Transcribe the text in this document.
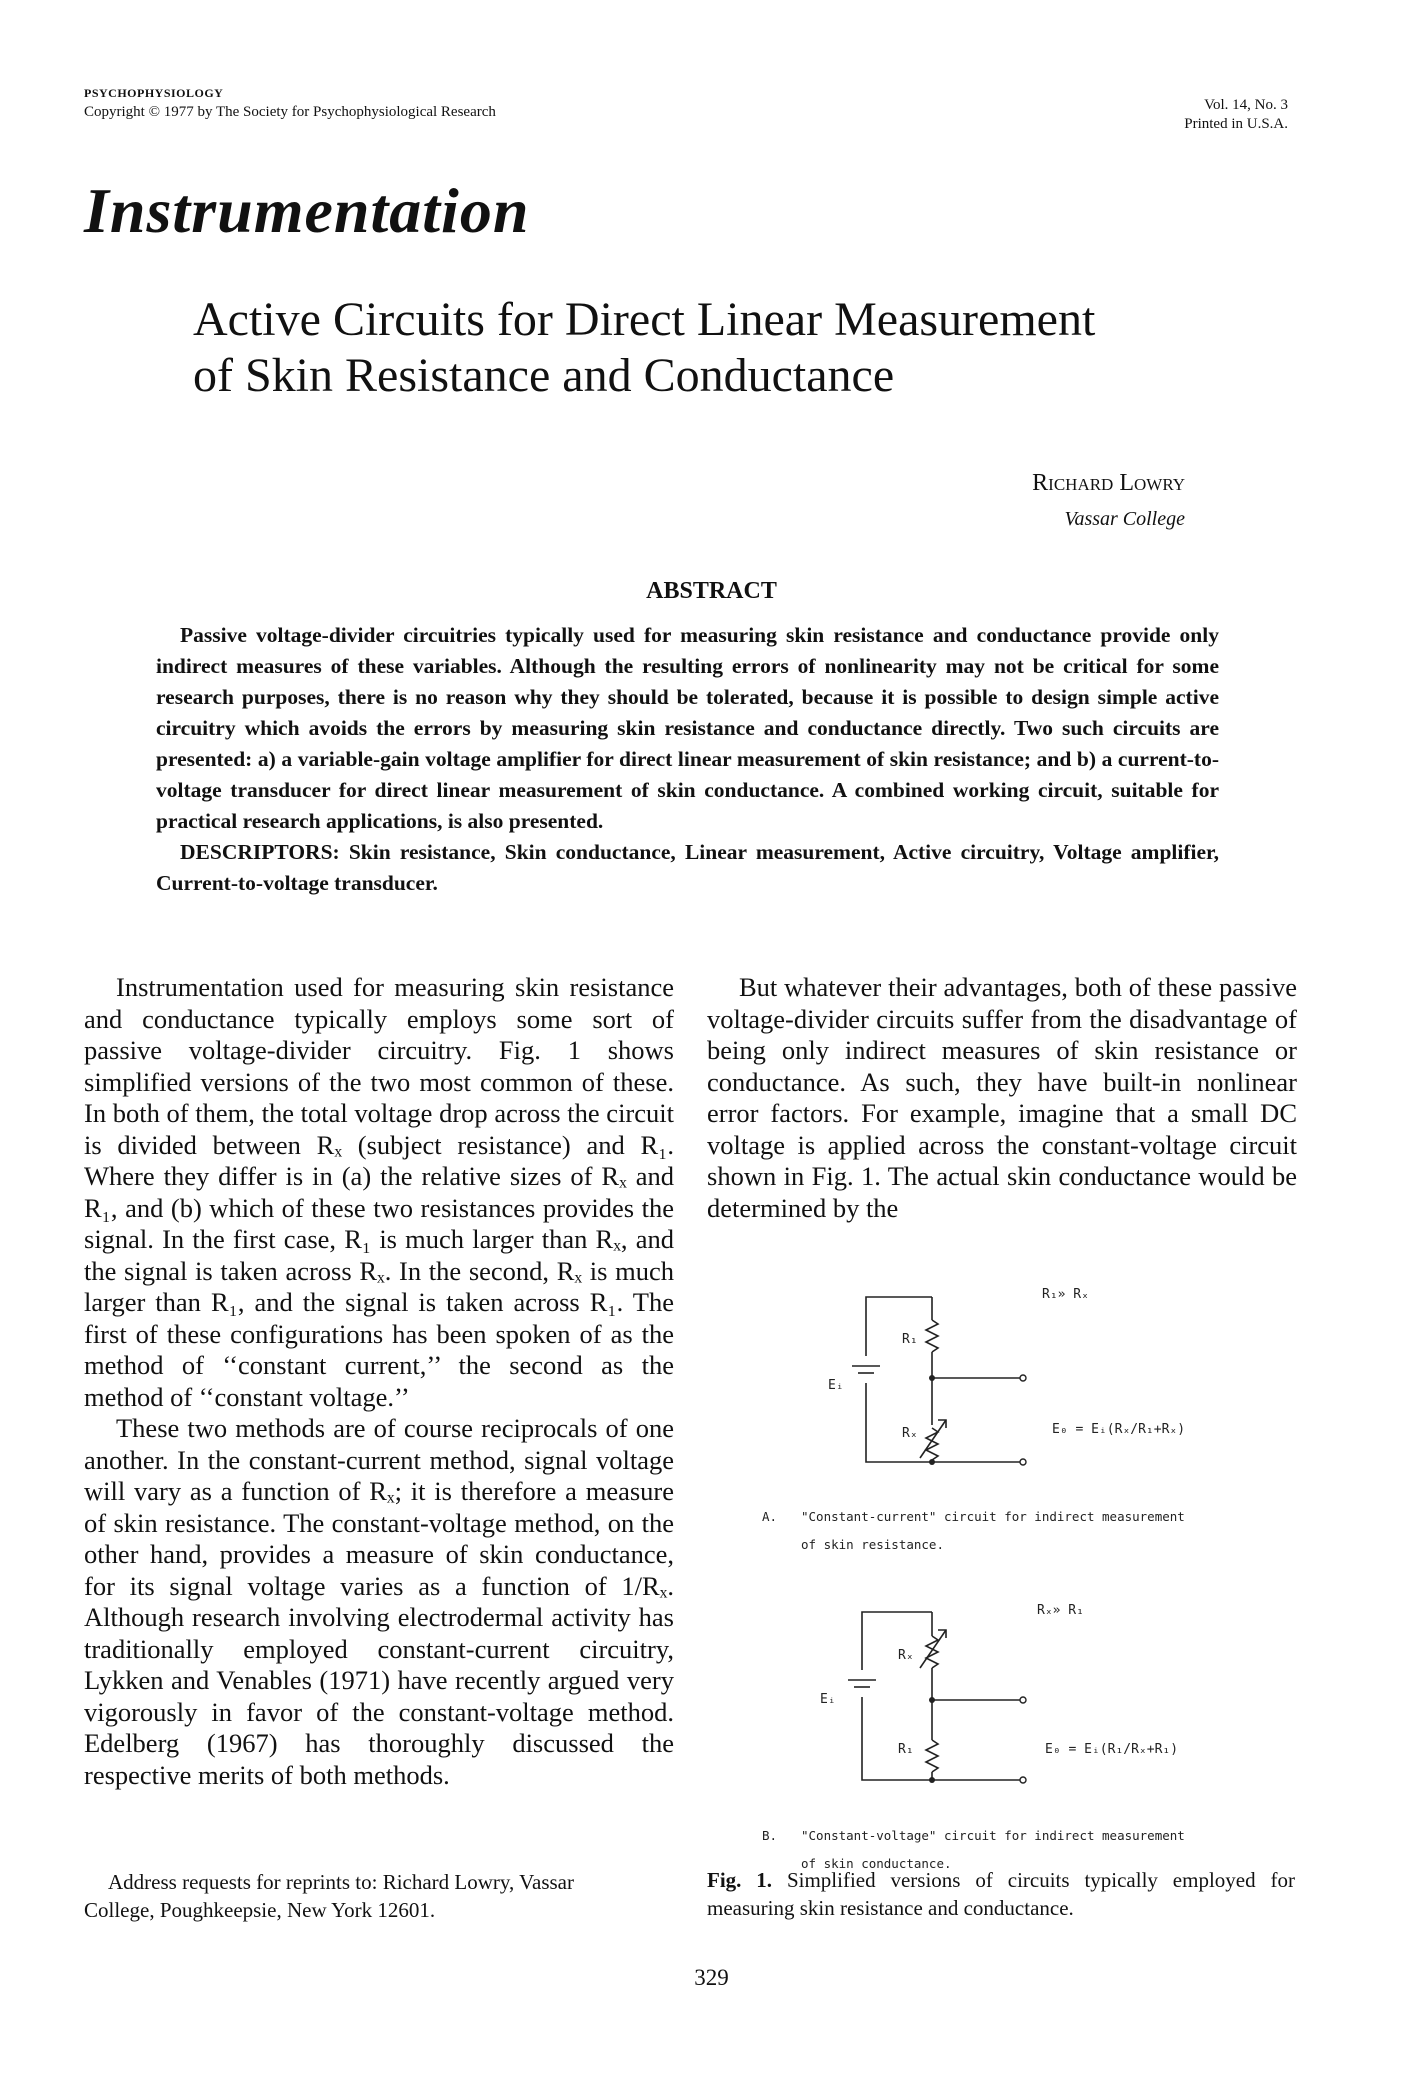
PSYCHOPHYSIOLOGY
Copyright © 1977 by The Society for Psychophysiological Research	Vol. 14, No. 3
Printed in U.S.A.
Instrumentation
Active Circuits for Direct Linear Measurement
of Skin Resistance and Conductance
Richard Lowry
Vassar College
ABSTRACT

Passive voltage-divider circuitries typically used for measuring skin resistance and conductance provide only indirect measures of these variables. Although the resulting errors of nonlinearity may not be critical for some research purposes, there is no reason why they should be tolerated, because it is possible to design simple active circuitry which avoids the errors by measuring skin resistance and conductance directly. Two such circuits are presented: a) a variable-gain voltage amplifier for direct linear measurement of skin resistance; and b) a current-to-voltage transducer for direct linear measurement of skin conductance. A combined working circuit, suitable for practical research applications, is also presented.

DESCRIPTORS: Skin resistance, Skin conductance, Linear measurement, Active circuitry, Voltage amplifier, Current-to-voltage transducer.

Instrumentation used for measuring skin resistance and conductance typically employs some sort of passive voltage-divider circuitry. Fig. 1 shows simplified versions of the two most common of these. In both of them, the total voltage drop across the circuit is divided between Rₓ (subject resistance) and R₁. Where they differ is in (a) the relative sizes of Rₓ and R₁, and (b) which of these two resistances provides the signal. In the first case, R₁ is much larger than Rₓ, and the signal is taken across Rₓ. In the second, Rₓ is much larger than R₁, and the signal is taken across R₁. The first of these configurations has been spoken of as the method of ‘‘constant current,’’ the second as the method of ‘‘constant voltage.’’

These two methods are of course reciprocals of one another. In the constant-current method, signal voltage will vary as a function of Rₓ; it is therefore a measure of skin resistance. The constant-voltage method, on the other hand, provides a measure of skin conductance, for its signal voltage varies as a function of 1/Rₓ. Although research involving electrodermal activity has traditionally employed constant-current circuitry, Lykken and Venables (1971) have recently argued very vigorously in favor of the constant-voltage method. Edelberg (1967) has thoroughly discussed the respective merits of both methods.

But whatever their advantages, both of these passive voltage-divider circuits suffer from the disadvantage of being only indirect measures of skin resistance or conductance. As such, they have built-in nonlinear error factors. For example, imagine that a small DC voltage is applied across the constant-voltage circuit shown in Fig. 1. The actual skin conductance would be determined by the

R₁» Rₓ
R₁
Eᵢ
Rₓ	E₀ = Eᵢ(Rₓ/R₁+Rₓ)
A. "Constant-current" circuit for indirect measurement
of skin resistance.
Rₓ» R₁
Rₓ
Eᵢ
R₁	E₀ = Eᵢ(R₁/Rₓ+R₁)
B. "Constant-voltage" circuit for indirect measurement
of skin conductance.
Address requests for reprints to: Richard Lowry, Vassar
College, Poughkeepsie, New York 12601.
Fig. 1. Simplified versions of circuits typically employed for measuring skin resistance and conductance.
329
